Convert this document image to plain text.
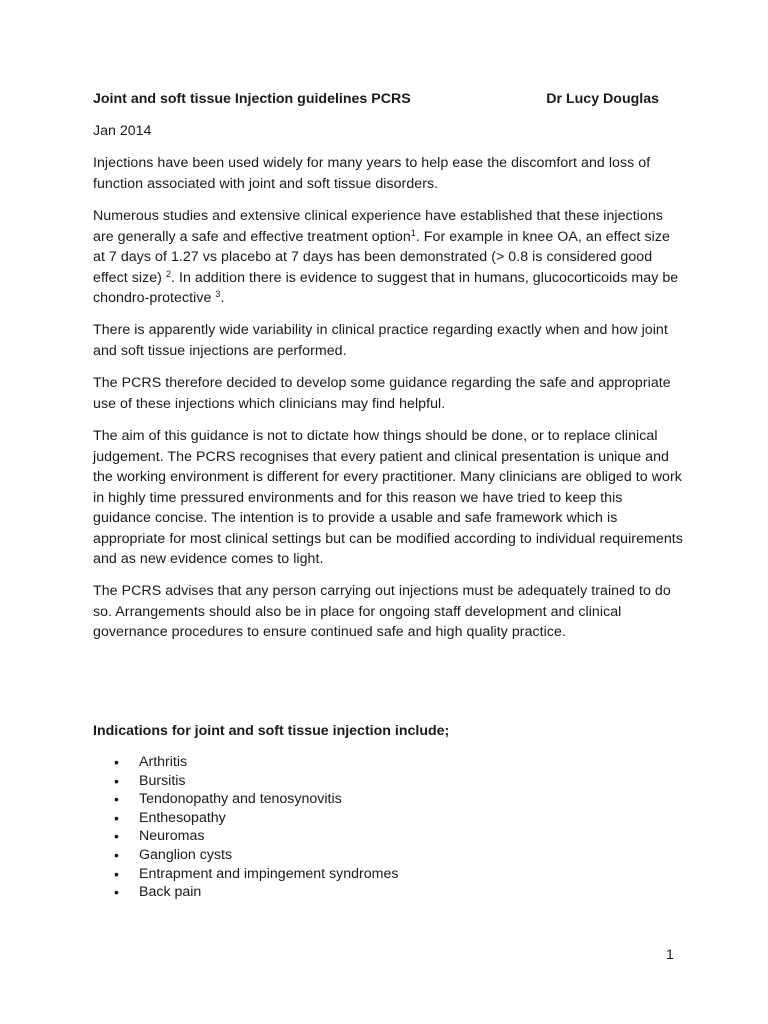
Joint and soft tissue Injection guidelines PCRS	Dr Lucy Douglas
Jan 2014

Injections have been used widely for many years to help ease the discomfort and loss of function associated with joint and soft tissue disorders.

Numerous studies and extensive clinical experience have established that these injections are generally a safe and effective treatment option$^1$. For example in knee OA, an effect size at 7 days of 1.27 vs placebo at 7 days has been demonstrated (> 0.8 is considered good effect size) $^2$. In addition there is evidence to suggest that in humans, glucocorticoids may be chondro-protective $^3$.

There is apparently wide variability in clinical practice regarding exactly when and how joint and soft tissue injections are performed.

The PCRS therefore decided to develop some guidance regarding the safe and appropriate use of these injections which clinicians may find helpful.

The aim of this guidance is not to dictate how things should be done, or to replace clinical judgement. The PCRS recognises that every patient and clinical presentation is unique and the working environment is different for every practitioner. Many clinicians are obliged to work in highly time pressured environments and for this reason we have tried to keep this guidance concise. The intention is to provide a usable and safe framework which is appropriate for most clinical settings but can be modified according to individual requirements and as new evidence comes to light.

The PCRS advises that any person carrying out injections must be adequately trained to do so. Arrangements should also be in place for ongoing staff development and clinical governance procedures to ensure continued safe and high quality practice.

Indications for joint and soft tissue injection include;
• Arthritis
• Bursitis
• Tendonopathy and tenosynovitis
• Enthesopathy
• Neuromas
• Ganglion cysts
• Entrapment and impingement syndromes
• Back pain
1
